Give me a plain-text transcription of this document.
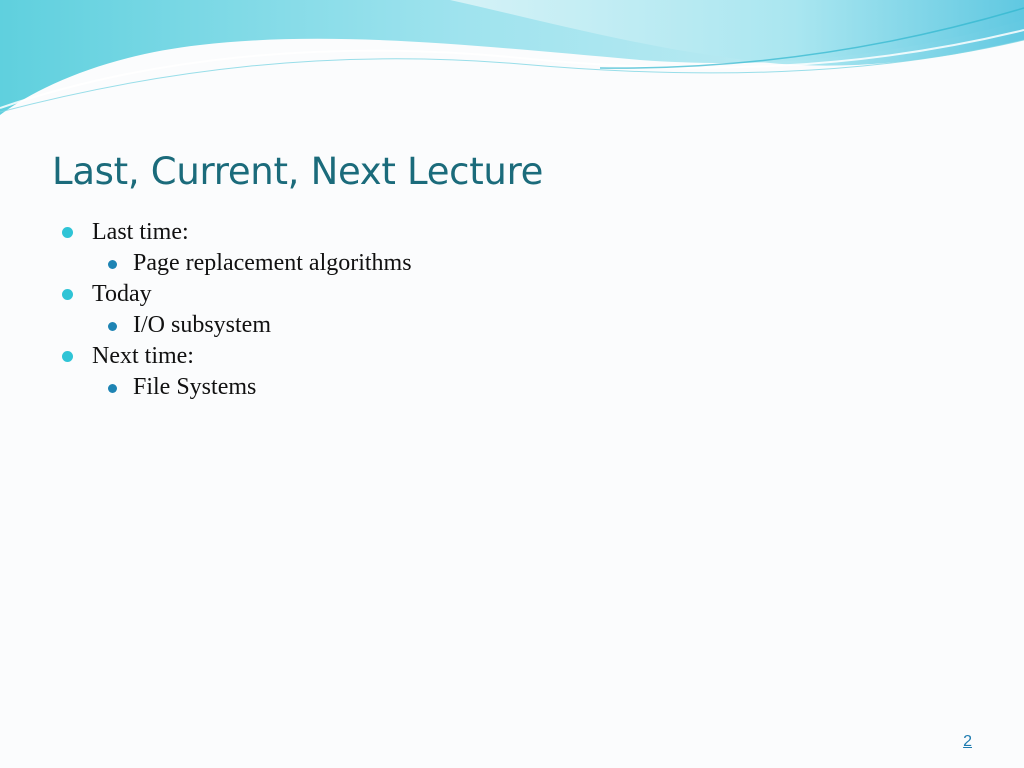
Last, Current, Next Lecture
Last time:
Page replacement algorithms
Today
I/O subsystem
Next time:
File Systems
2
